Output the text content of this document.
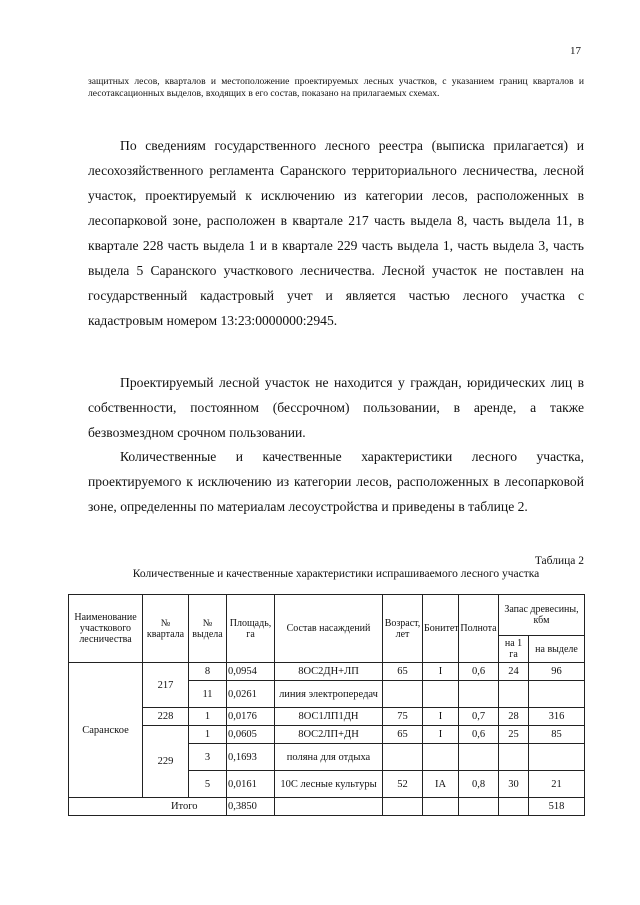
17
защитных лесов, кварталов и местоположение проектируемых лесных участков, с указанием границ кварталов и лесотаксационных выделов, входящих в его состав, показано на прилагаемых схемах.
По сведениям государственного лесного реестра (выписка прилагается) и лесохозяйственного регламента Саранского территориального лесничества, лесной участок, проектируемый к исключению из категории лесов, расположенных в лесопарковой зоне, расположен в квартале 217 часть выдела 8, часть выдела 11, в квартале 228 часть выдела 1 и в квартале 229 часть выдела 1, часть выдела 3, часть выдела 5 Саранского участкового лесничества. Лесной участок не поставлен на государственный кадастровый учет и является частью лесного участка с кадастровым номером 13:23:0000000:2945.
Проектируемый лесной участок не находится у граждан, юридических лиц в собственности, постоянном (бессрочном) пользовании, в аренде, а также безвозмездном срочном пользовании.
Количественные и качественные характеристики лесного участка, проектируемого к исключению из категории лесов, расположенных в лесопарковой зоне, определенны по материалам лесоустройства и приведены в таблице 2.
Таблица 2
Количественные и качественные характеристики испрашиваемого лесного участка
Наименование участкового лесничества	№ квартала	№ выдела	Площадь, га	Состав насаждений	Возраст, лет	Бонитет	Полнота	Запас древесины, кбм	
								на 1 га	на выделе
Саранское	217	8	0,0954	8ОС2ДН+ЛП	65	I	0,6	24	96
		11	0,0261	линия электропередач					
	228	1	0,0176	8ОС1ЛП1ДН	75	I	0,7	28	316
	229	1	0,0605	8ОС2ЛП+ДН	65	I	0,6	25	85
		3	0,1693	поляна для отдыха					
		5	0,0161	10С лесные культуры	52	IА	0,8	30	21
	Итого		0,3850						518
